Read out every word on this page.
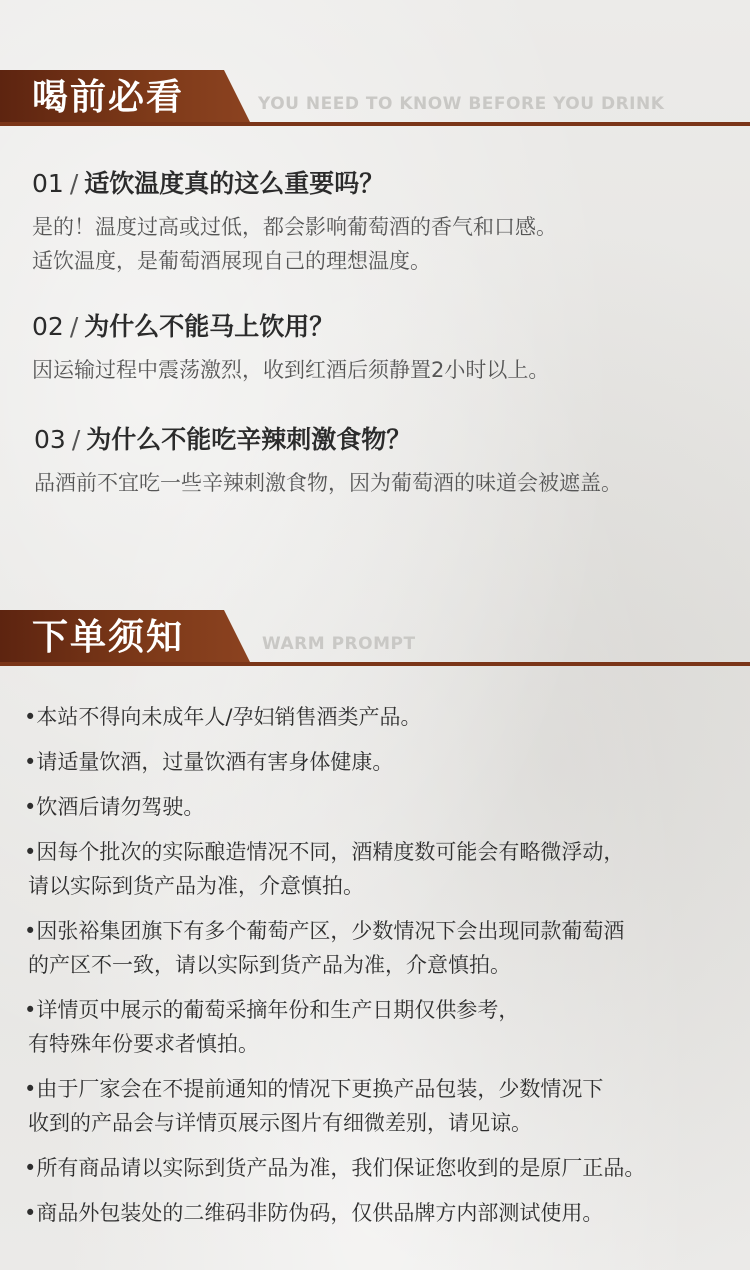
喝前必看	YOU NEED TO KNOW BEFORE YOU DRINK
01 / 适饮温度真的这么重要吗？
是的！温度过高或过低，都会影响葡萄酒的香气和口感。
适饮温度，是葡萄酒展现自己的理想温度。
02 / 为什么不能马上饮用？
因运输过程中震荡激烈，收到红酒后须静置2小时以上。
03 / 为什么不能吃辛辣刺激食物？
品酒前不宜吃一些辛辣刺激食物，因为葡萄酒的味道会被遮盖。
下单须知	WARM PROMPT
•本站不得向未成年人/孕妇销售酒类产品。
•请适量饮酒，过量饮酒有害身体健康。
•饮酒后请勿驾驶。
•因每个批次的实际酿造情况不同，酒精度数可能会有略微浮动，
请以实际到货产品为准，介意慎拍。
•因张裕集团旗下有多个葡萄产区，少数情况下会出现同款葡萄酒
的产区不一致，请以实际到货产品为准，介意慎拍。
•详情页中展示的葡萄采摘年份和生产日期仅供参考，
有特殊年份要求者慎拍。
•由于厂家会在不提前通知的情况下更换产品包装，少数情况下
收到的产品会与详情页展示图片有细微差别，请见谅。
•所有商品请以实际到货产品为准，我们保证您收到的是原厂正品。
•商品外包装处的二维码非防伪码，仅供品牌方内部测试使用。
